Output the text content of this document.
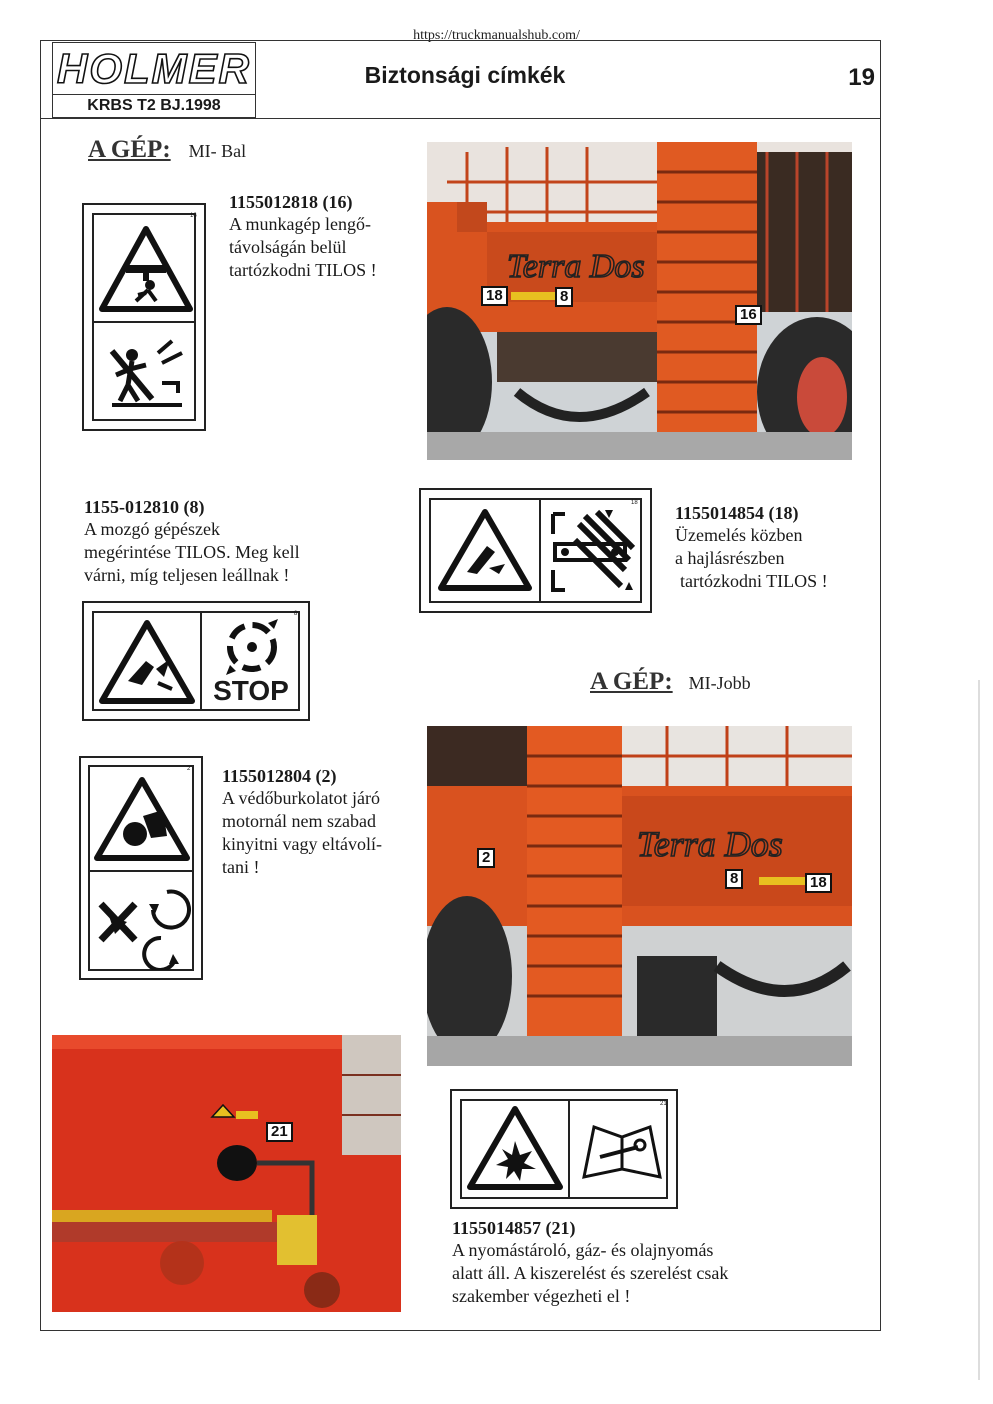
https://truckmanualshub.com/
HOLMER
KRBS T2 BJ.1998
Biztonsági címkék	19
A GÉP: MI- Bal
16
1155012818 (16)
A munkagép lengő-
távolságán belül
tartózkodni TILOS !	Terra Dos
18	8
16
1155-012810 (8)
A mozgó gépészek
megérintése TILOS. Meg kell
várni, míg teljesen leállnak !
8
STOP
18 1155014854 (18)
Üzemelés közben
a hajlásrészben
tartózkodni TILOS !
A GÉP: MI-Jobb
2 1155012804 (2)
A védőburkolatot járó
motornál nem szabad
kinyitni vagy eltávolí-
tani !
Terra Dos
2
8	18
21
21
1155014857 (21)
A nyomástároló, gáz- és olajnyomás
alatt áll. A kiszerelést és szerelést csak
szakember végezheti el !
